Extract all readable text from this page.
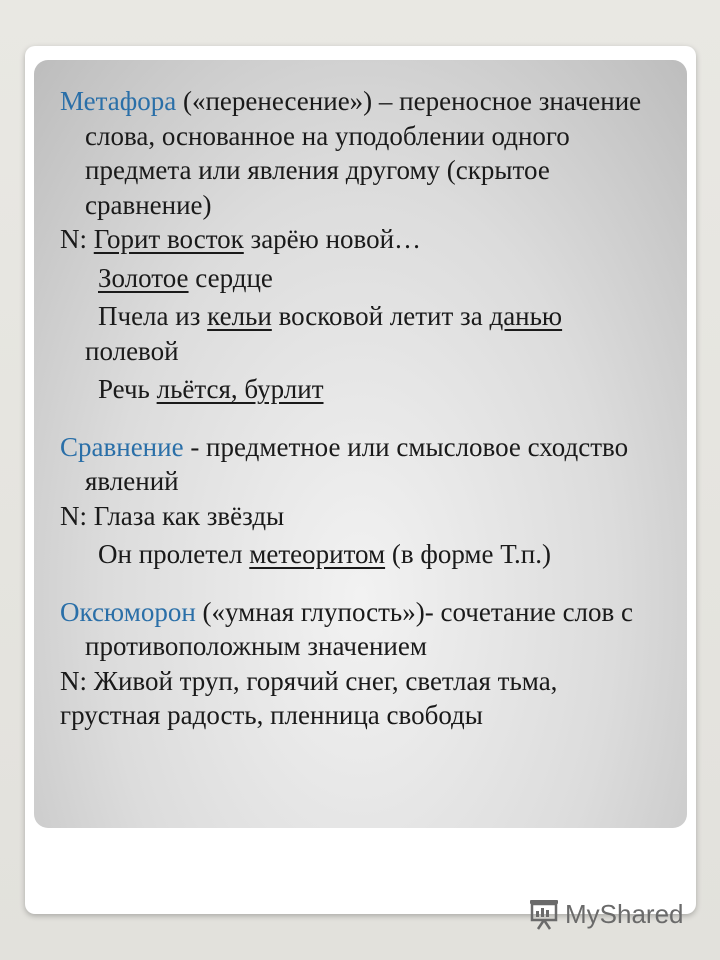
Метафора («перенесение») – переносное значение слова, основанное на уподоблении одного предмета или явления другому (скрытое сравнение)

N: Горит восток зарёю новой…

Золотое сердце

Пчела из кельи восковой летит за данью полевой

Речь льётся, бурлит

Сравнение - предметное или смысловое сходство явлений

N: Глаза как звёзды

Он пролетел метеоритом (в форме Т.п.)

Оксюморон («умная глупость»)- сочетание слов с противоположным значением

N: Живой труп, горячий снег, светлая тьма,

грустная радость, пленница свободы

MyShared
